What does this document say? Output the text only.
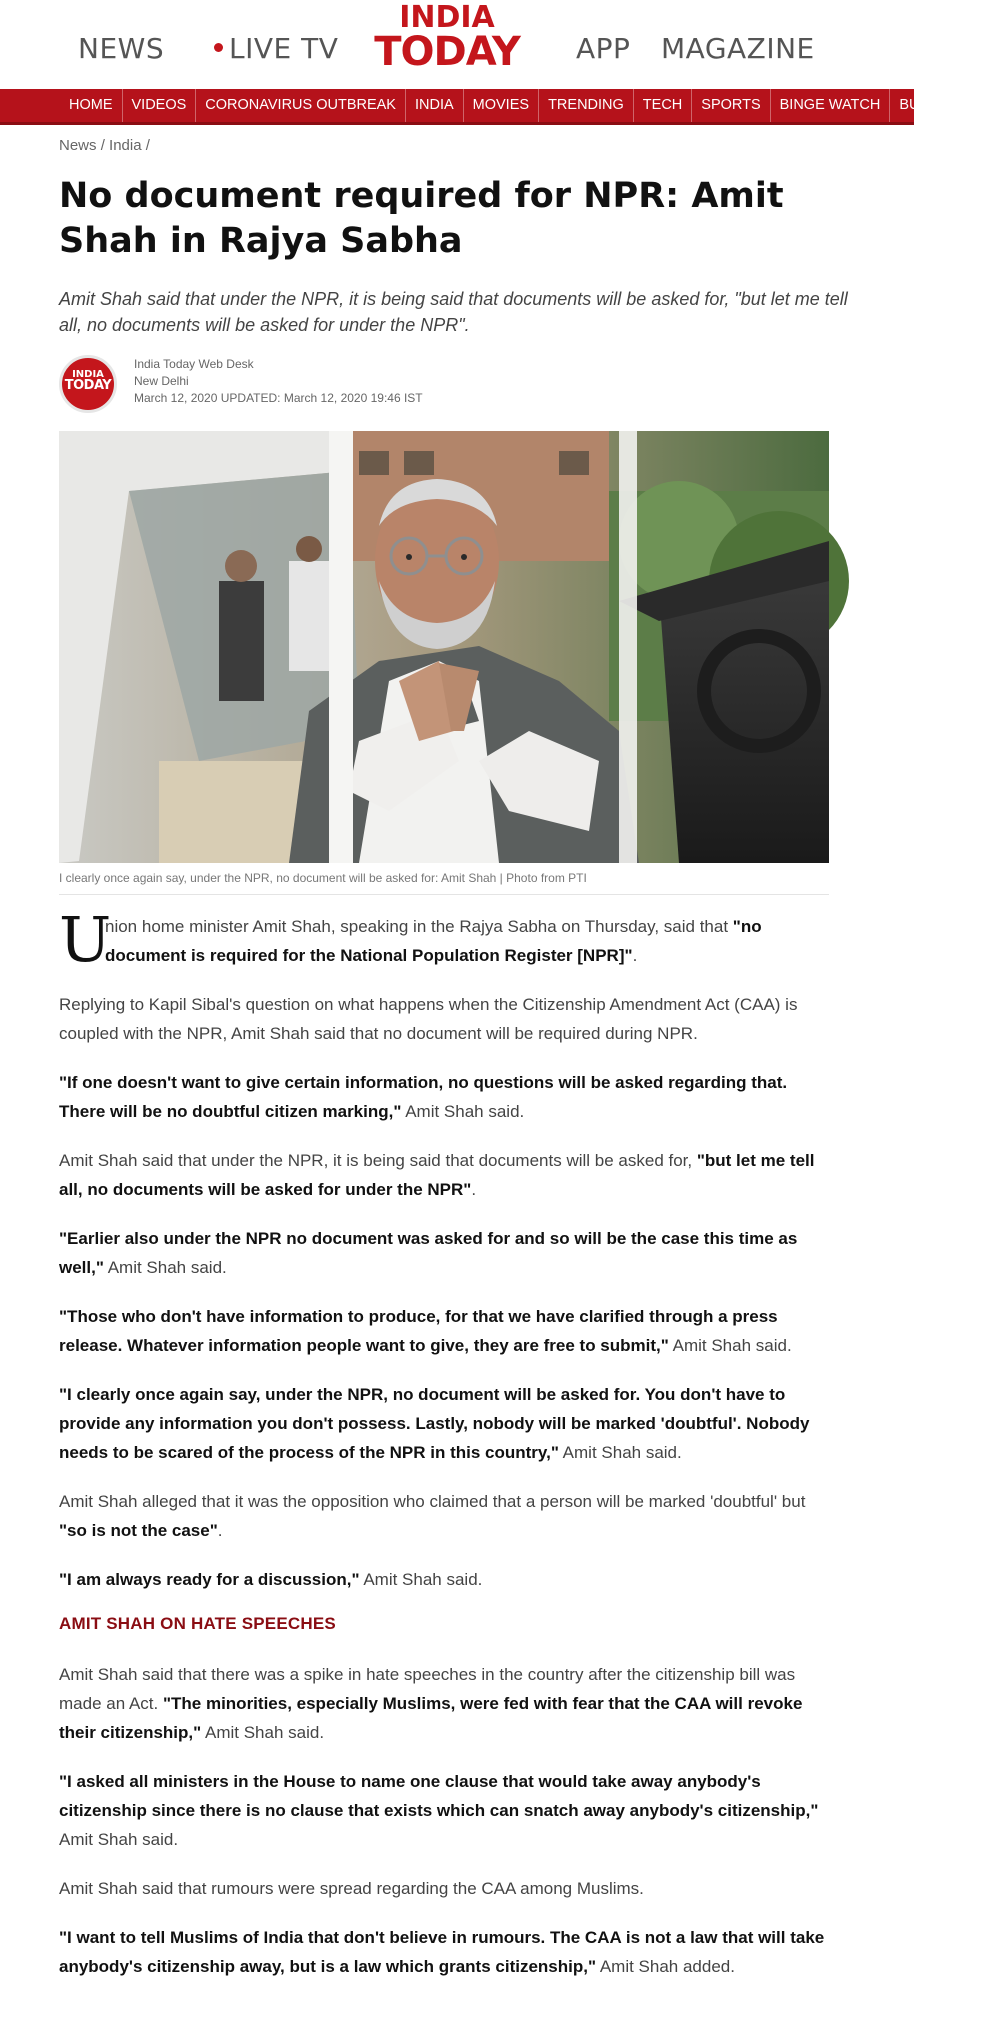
NEWS	LIVE TV
INDIA
TODAY APP MAGAZINE
HOME VIDEOS CORONAVIRUS OUTBREAK INDIA MOVIES TRENDING TECH SPORTS BINGE WATCH BUSINESS
News / India /
No document required for NPR: Amit Shah in Rajya Sabha

Amit Shah said that under the NPR, it is being said that documents will be asked for, "but let me tell all, no documents will be asked for under the NPR".

INDIA
TODAY
India Today Web Desk
New Delhi
March 12, 2020 UPDATED: March 12, 2020 19:46 IST
I clearly once again say, under the NPR, no document will be asked for: Amit Shah | Photo from PTI

U
nion home minister Amit Shah, speaking in the Rajya Sabha on Thursday, said that "no document is required for the National Population Register [NPR]".

Replying to Kapil Sibal's question on what happens when the Citizenship Amendment Act (CAA) is coupled with the NPR, Amit Shah said that no document will be required during NPR.

"If one doesn't want to give certain information, no questions will be asked regarding that. There will be no doubtful citizen marking," Amit Shah said.

Amit Shah said that under the NPR, it is being said that documents will be asked for, "but let me tell all, no documents will be asked for under the NPR".

"Earlier also under the NPR no document was asked for and so will be the case this time as well," Amit Shah said.

"Those who don't have information to produce, for that we have clarified through a press release. Whatever information people want to give, they are free to submit," Amit Shah said.

"I clearly once again say, under the NPR, no document will be asked for. You don't have to provide any information you don't possess. Lastly, nobody will be marked 'doubtful'. Nobody needs to be scared of the process of the NPR in this country," Amit Shah said.

Amit Shah alleged that it was the opposition who claimed that a person will be marked 'doubtful' but "so is not the case".

"I am always ready for a discussion," Amit Shah said.

AMIT SHAH ON HATE SPEECHES

Amit Shah said that there was a spike in hate speeches in the country after the citizenship bill was made an Act. "The minorities, especially Muslims, were fed with fear that the CAA will revoke their citizenship," Amit Shah said.

"I asked all ministers in the House to name one clause that would take away anybody's citizenship since there is no clause that exists which can snatch away anybody's citizenship," Amit Shah said.

Amit Shah said that rumours were spread regarding the CAA among Muslims.

"I want to tell Muslims of India that don't believe in rumours. The CAA is not a law that will take anybody's citizenship away, but is a law which grants citizenship," Amit Shah added.
